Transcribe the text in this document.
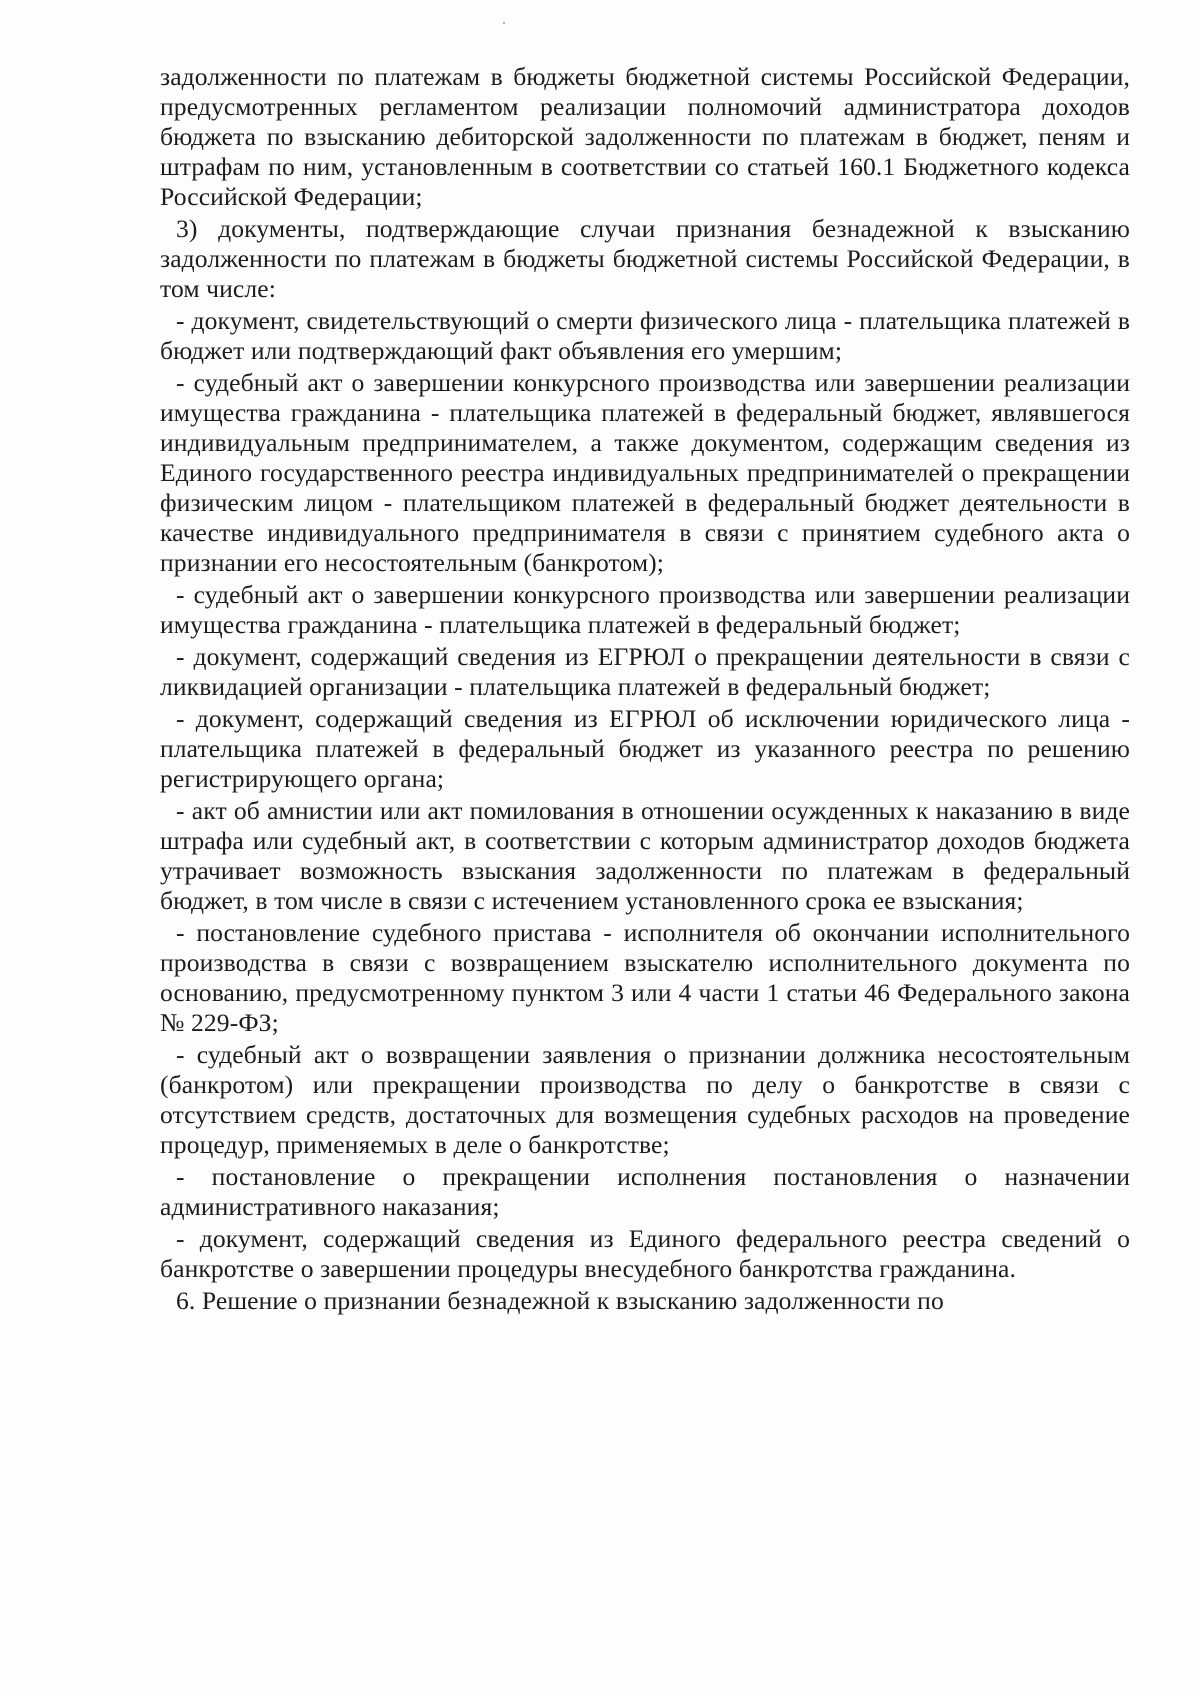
задолженности по платежам в бюджеты бюджетной системы Российской Федерации, предусмотренных регламентом реализации полномочий администратора доходов бюджета по взысканию дебиторской задолженности по платежам в бюджет, пеням и штрафам по ним, установленным в соответствии со статьей 160.1 Бюджетного кодекса Российской Федерации;

3) документы, подтверждающие случаи признания безнадежной к взысканию задолженности по платежам в бюджеты бюджетной системы Российской Федерации, в том числе:

- документ, свидетельствующий о смерти физического лица - плательщика платежей в бюджет или подтверждающий факт объявления его умершим;

- судебный акт о завершении конкурсного производства или завершении реализации имущества гражданина - плательщика платежей в федеральный бюджет, являвшегося индивидуальным предпринимателем, а также документом, содержащим сведения из Единого государственного реестра индивидуальных предпринимателей о прекращении физическим лицом - плательщиком платежей в федеральный бюджет деятельности в качестве индивидуального предпринимателя в связи с принятием судебного акта о признании его несостоятельным (банкротом);

- судебный акт о завершении конкурсного производства или завершении реализации имущества гражданина - плательщика платежей в федеральный бюджет;

- документ, содержащий сведения из ЕГРЮЛ о прекращении деятельности в связи с ликвидацией организации - плательщика платежей в федеральный бюджет;

- документ, содержащий сведения из ЕГРЮЛ об исключении юридического лица - плательщика платежей в федеральный бюджет из указанного реестра по решению регистрирующего органа;

- акт об амнистии или акт помилования в отношении осужденных к наказанию в виде штрафа или судебный акт, в соответствии с которым администратор доходов бюджета утрачивает возможность взыскания задолженности по платежам в федеральный бюджет, в том числе в связи с истечением установленного срока ее взыскания;

- постановление судебного пристава - исполнителя об окончании исполнительного производства в связи с возвращением взыскателю исполнительного документа по основанию, предусмотренному пунктом 3 или 4 части 1 статьи 46 Федерального закона № 229-ФЗ;

- судебный акт о возвращении заявления о признании должника несостоятельным (банкротом) или прекращении производства по делу о банкротстве в связи с отсутствием средств, достаточных для возмещения судебных расходов на проведение процедур, применяемых в деле о банкротстве;

- постановление о прекращении исполнения постановления о назначении административного наказания;

- документ, содержащий сведения из Единого федерального реестра сведений о банкротстве о завершении процедуры внесудебного банкротства гражданина.

6. Решение о признании безнадежной к взысканию задолженности по
